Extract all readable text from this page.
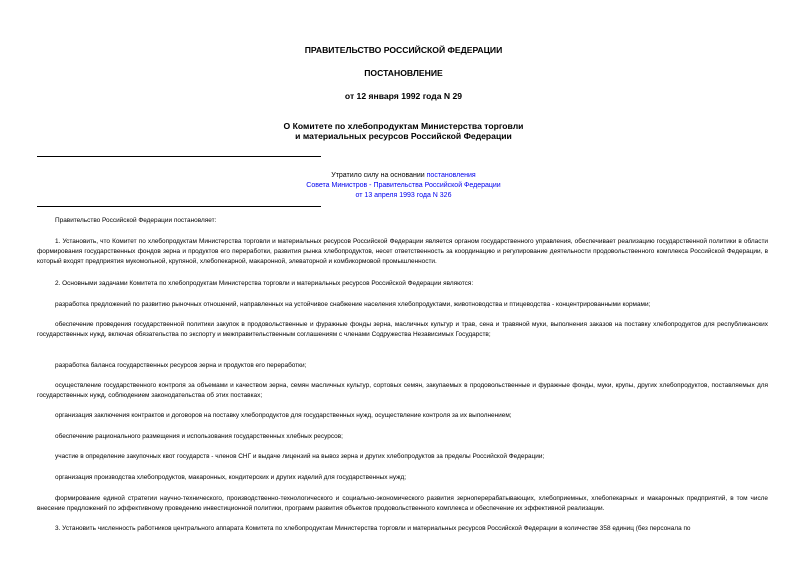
ПРАВИТЕЛЬСТВО РОССИЙСКОЙ ФЕДЕРАЦИИ
ПОСТАНОВЛЕНИЕ
от 12 января 1992 года N 29
О Комитете по хлебопродуктам Министерства торговли
и материальных ресурсов Российской Федерации
Утратило силу на основании постановления
Совета Министров - Правительства Российской Федерации
от 13 апреля 1993 года N 326

Правительство Российской Федерации постановляет:

1. Установить, что Комитет по хлебопродуктам Министерства торговли и материальных ресурсов Российской Федерации является органом государственного управления, обеспечивает реализацию государственной политики в области формирования государственных фондов зерна и продуктов его переработки, развития рынка хлебопродуктов, несет ответственность за координацию и регулирование деятельности продовольственного комплекса Российской Федерации, в который входят предприятия мукомольной, крупяной, хлебопекарной, макаронной, элеваторной и комбикормовой промышленности.

2. Основными задачами Комитета по хлебопродуктам Министерства торговли и материальных ресурсов Российской Федерации являются:

разработка предложений по развитию рыночных отношений, направленных на устойчивое снабжение населения хлебопродуктами, животноводства и птицеводства - концентрированными кормами;

обеспечение проведения государственной политики закупок в продовольственные и фуражные фонды зерна, масличных культур и трав, сена и травяной муки, выполнения заказов на поставку хлебопродуктов для республиканских государственных нужд, включая обязательства по экспорту и межправительственным соглашениям с членами Содружества Независимых Государств;

разработка баланса государственных ресурсов зерна и продуктов его переработки;

осуществление государственного контроля за объемами и качеством зерна, семян масличных культур, сортовых семян, закупаемых в продовольственные и фуражные фонды, муки, крупы, других хлебопродуктов, поставляемых для государственных нужд, соблюдением законодательства об этих поставках;

организация заключения контрактов и договоров на поставку хлебопродуктов для государственных нужд, осуществление контроля за их выполнением;

обеспечение рационального размещения и использования государственных хлебных ресурсов;

участие в определение закупочных квот государств - членов СНГ и выдаче лицензий на вывоз зерна и других хлебопродуктов за пределы Российской Федерации;

организация производства хлебопродуктов, макаронных, кондитерских и других изделий для государственных нужд;

формирование единой стратегии научно-технического, производственно-технологического и социально-экономического развития зерноперерабатывающих, хлебоприемных, хлебопекарных и макаронных предприятий, в том числе внесение предложений по эффективному проведению инвестиционной политики, программ развития объектов продовольственного комплекса и обеспечение их эффективной реализации.

3. Установить численность работников центрального аппарата Комитета по хлебопродуктам Министерства торговли и материальных ресурсов Российской Федерации в количестве 358 единиц (без персонала по
